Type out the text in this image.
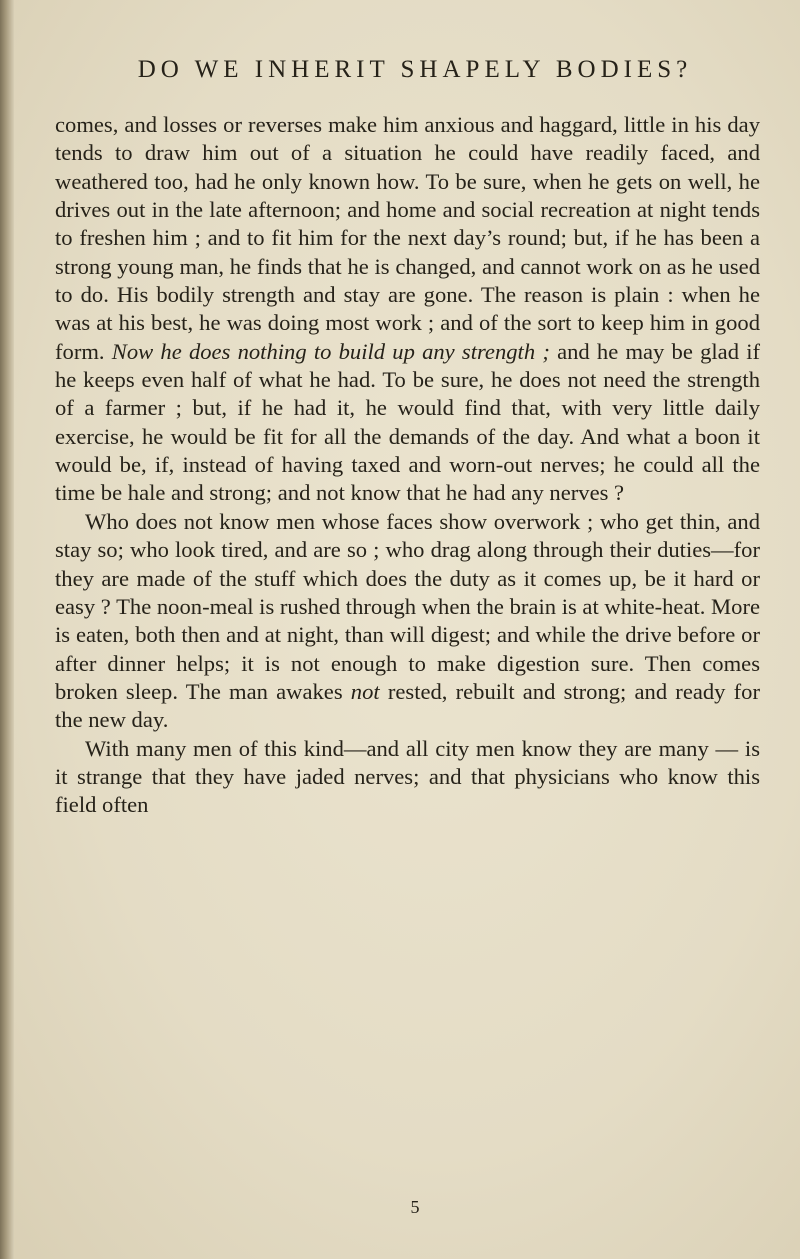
DO WE INHERIT SHAPELY BODIES?

comes, and losses or reverses make him anxious and haggard, little in his day tends to draw him out of a situation he could have readily faced, and weathered too, had he only known how. To be sure, when he gets on well, he drives out in the late afternoon; and home and social recreation at night tends to freshen him ; and to fit him for the next day’s round; but, if he has been a strong young man, he finds that he is changed, and cannot work on as he used to do. His bodily strength and stay are gone. The reason is plain : when he was at his best, he was doing most work ; and of the sort to keep him in good form. Now he does nothing to build up any strength ; and he may be glad if he keeps even half of what he had. To be sure, he does not need the strength of a farmer ; but, if he had it, he would find that, with very little daily exercise, he would be fit for all the demands of the day. And what a boon it would be, if, instead of having taxed and worn-out nerves; he could all the time be hale and strong; and not know that he had any nerves ?

Who does not know men whose faces show overwork ; who get thin, and stay so; who look tired, and are so ; who drag along through their duties—for they are made of the stuff which does the duty as it comes up, be it hard or easy ? The noon-meal is rushed through when the brain is at white-heat. More is eaten, both then and at night, than will digest; and while the drive before or after dinner helps; it is not enough to make digestion sure. Then comes broken sleep. The man awakes not rested, rebuilt and strong; and ready for the new day.

With many men of this kind—and all city men know they are many — is it strange that they have jaded nerves; and that physicians who know this field often

5
